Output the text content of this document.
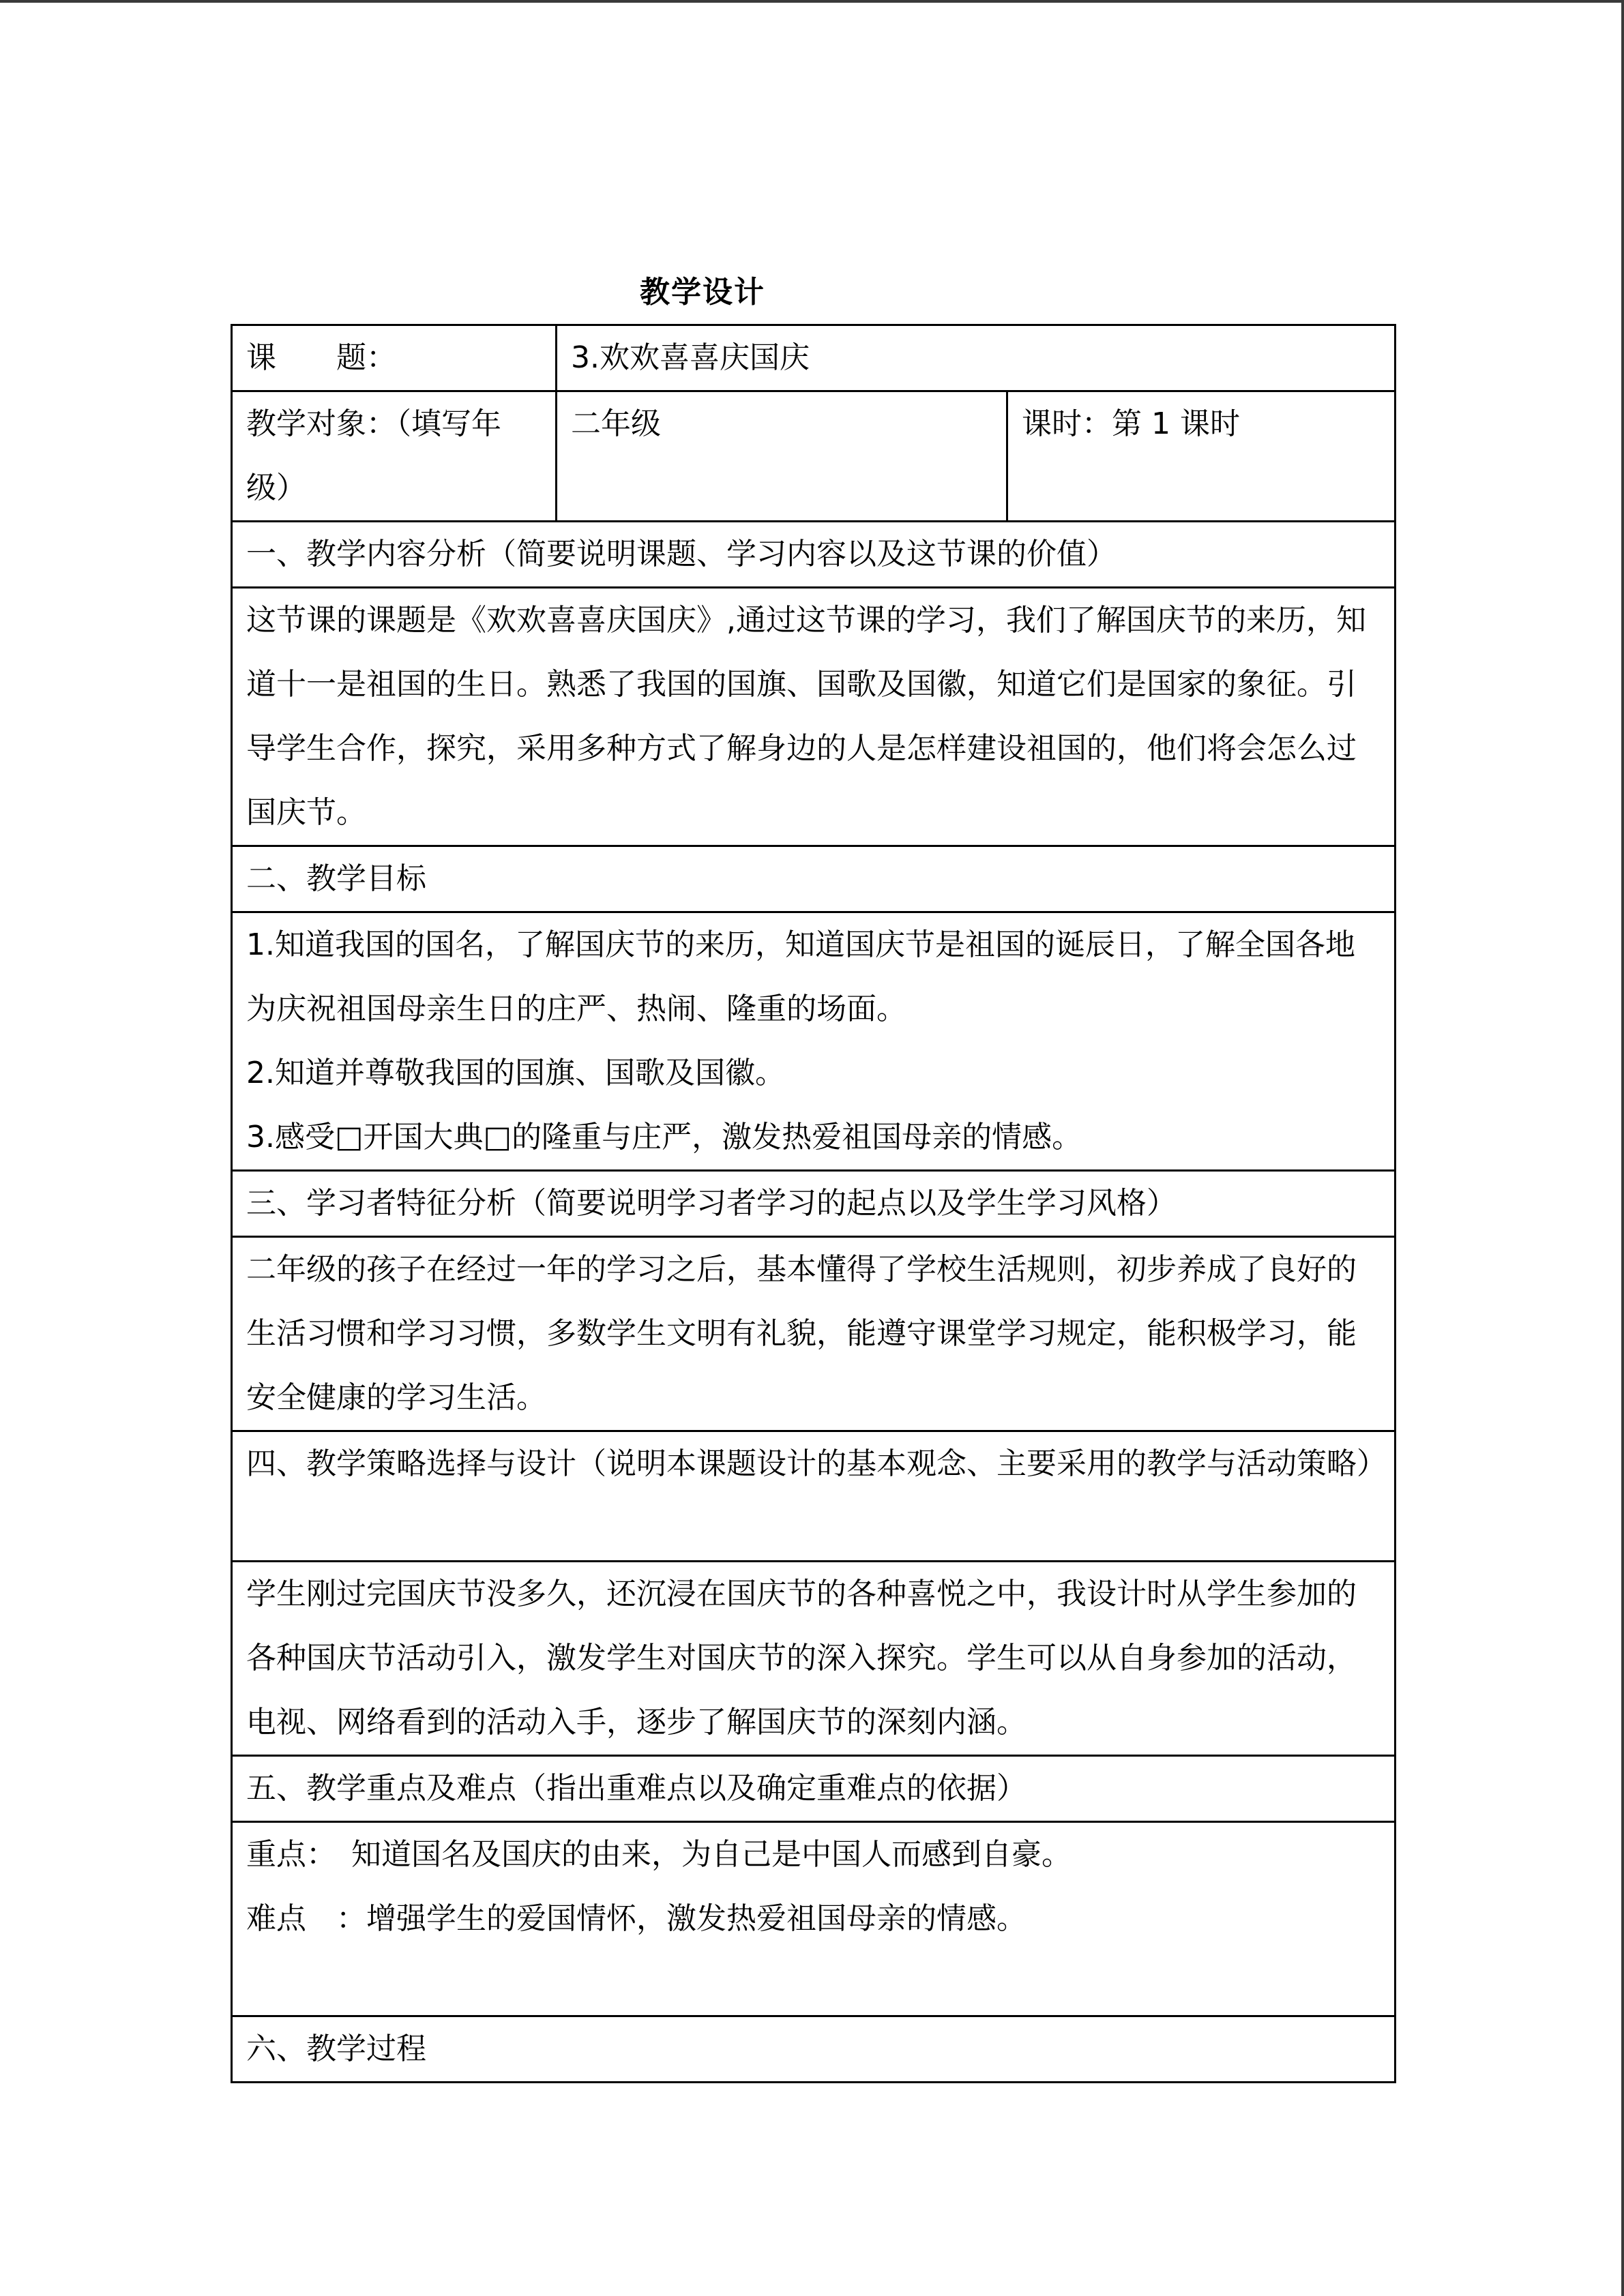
教学设计
课　　题：	3.欢欢喜喜庆国庆	
教学对象：（填写年级）	二年级	课时：第 1 课时
一、教学内容分析（简要说明课题、学习内容以及这节课的价值）		
这节课的课题是《欢欢喜喜庆国庆》,通过这节课的学习，我们了解国庆节的来历，知道十一是祖国的生日。熟悉了我国的国旗、国歌及国徽，知道它们是国家的象征。引导学生合作，探究，采用多种方式了解身边的人是怎样建设祖国的，他们将会怎么过国庆节。		
二、教学目标		

1.知道我国的国名，了解国庆节的来历，知道国庆节是祖国的诞辰日，了解全国各地为庆祝祖国母亲生日的庄严、热闹、隆重的场面。
2.知道并尊敬我国的国旗、国歌及国徽。
3.感受□开国大典□的隆重与庄严，激发热爱祖国母亲的情感。		

三、学习者特征分析（简要说明学习者学习的起点以及学生学习风格）		
二年级的孩子在经过一年的学习之后，基本懂得了学校生活规则，初步养成了良好的生活习惯和学习习惯，多数学生文明有礼貌，能遵守课堂学习规定，能积极学习，能安全健康的学习生活。		
四、教学策略选择与设计（说明本课题设计的基本观念、主要采用的教学与活动策略）		
学生刚过完国庆节没多久，还沉浸在国庆节的各种喜悦之中，我设计时从学生参加的各种国庆节活动引入，激发学生对国庆节的深入探究。学生可以从自身参加的活动，电视、网络看到的活动入手，逐步了解国庆节的深刻内涵。		
五、教学重点及难点（指出重难点以及确定重难点的依据）		

重点：　知道国名及国庆的由来，为自己是中国人而感到自豪。
难点　：增强学生的爱国情怀，激发热爱祖国母亲的情感。		

六、教学过程		
